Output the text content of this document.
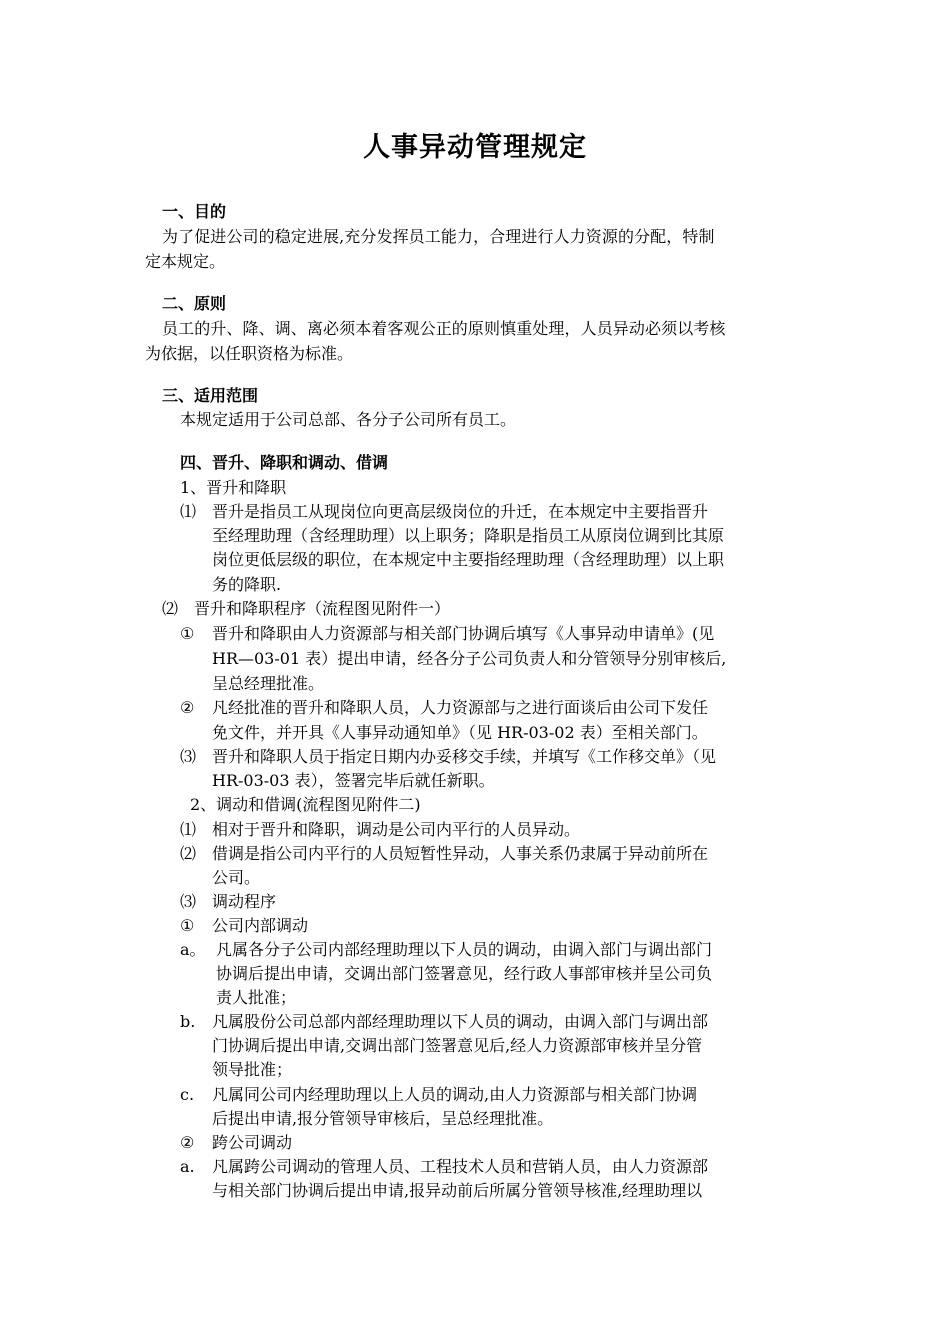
人事异动管理规定
一、目的
为了促进公司的稳定进展,充分发挥员工能力，合理进行人力资源的分配，特制
定本规定。
二、原则
员工的升、降、调、离必须本着客观公正的原则慎重处理，人员异动必须以考核
为依据，以任职资格为标准。
三、适用范围
本规定适用于公司总部、各分子公司所有员工。
四、晋升、降职和调动、借调
1、晋升和降职
⑴ 晋升是指员工从现岗位向更高层级岗位的升迁，在本规定中主要指晋升
至经理助理（含经理助理）以上职务；降职是指员工从原岗位调到比其原
岗位更低层级的职位，在本规定中主要指经理助理（含经理助理）以上职
务的降职.
⑵ 晋升和降职程序（流程图见附件一）
① 晋升和降职由人力资源部与相关部门协调后填写《人事异动申请单》(见
HR—03-01 表）提出申请，经各分子公司负责人和分管领导分别审核后,
呈总经理批准。
② 凡经批准的晋升和降职人员，人力资源部与之进行面谈后由公司下发任
免文件，并开具《人事异动通知单》（见 HR-03-02 表）至相关部门。
⑶ 晋升和降职人员于指定日期内办妥移交手续，并填写《工作移交单》（见
HR-03-03 表），签署完毕后就任新职。
2、调动和借调(流程图见附件二)
⑴ 相对于晋升和降职，调动是公司内平行的人员异动。
⑵ 借调是指公司内平行的人员短暂性异动，人事关系仍隶属于异动前所在
公司。
⑶ 调动程序
① 公司内部调动
a。 凡属各分子公司内部经理助理以下人员的调动，由调入部门与调出部门
协调后提出申请，交调出部门签署意见，经行政人事部审核并呈公司负
责人批准；
b. 凡属股份公司总部内部经理助理以下人员的调动，由调入部门与调出部
门协调后提出申请,交调出部门签署意见后,经人力资源部审核并呈分管
领导批准；
c. 凡属同公司内经理助理以上人员的调动,由人力资源部与相关部门协调
后提出申请,报分管领导审核后，呈总经理批准。
② 跨公司调动
a. 凡属跨公司调动的管理人员、工程技术人员和营销人员，由人力资源部
与相关部门协调后提出申请,报异动前后所属分管领导核准,经理助理以
